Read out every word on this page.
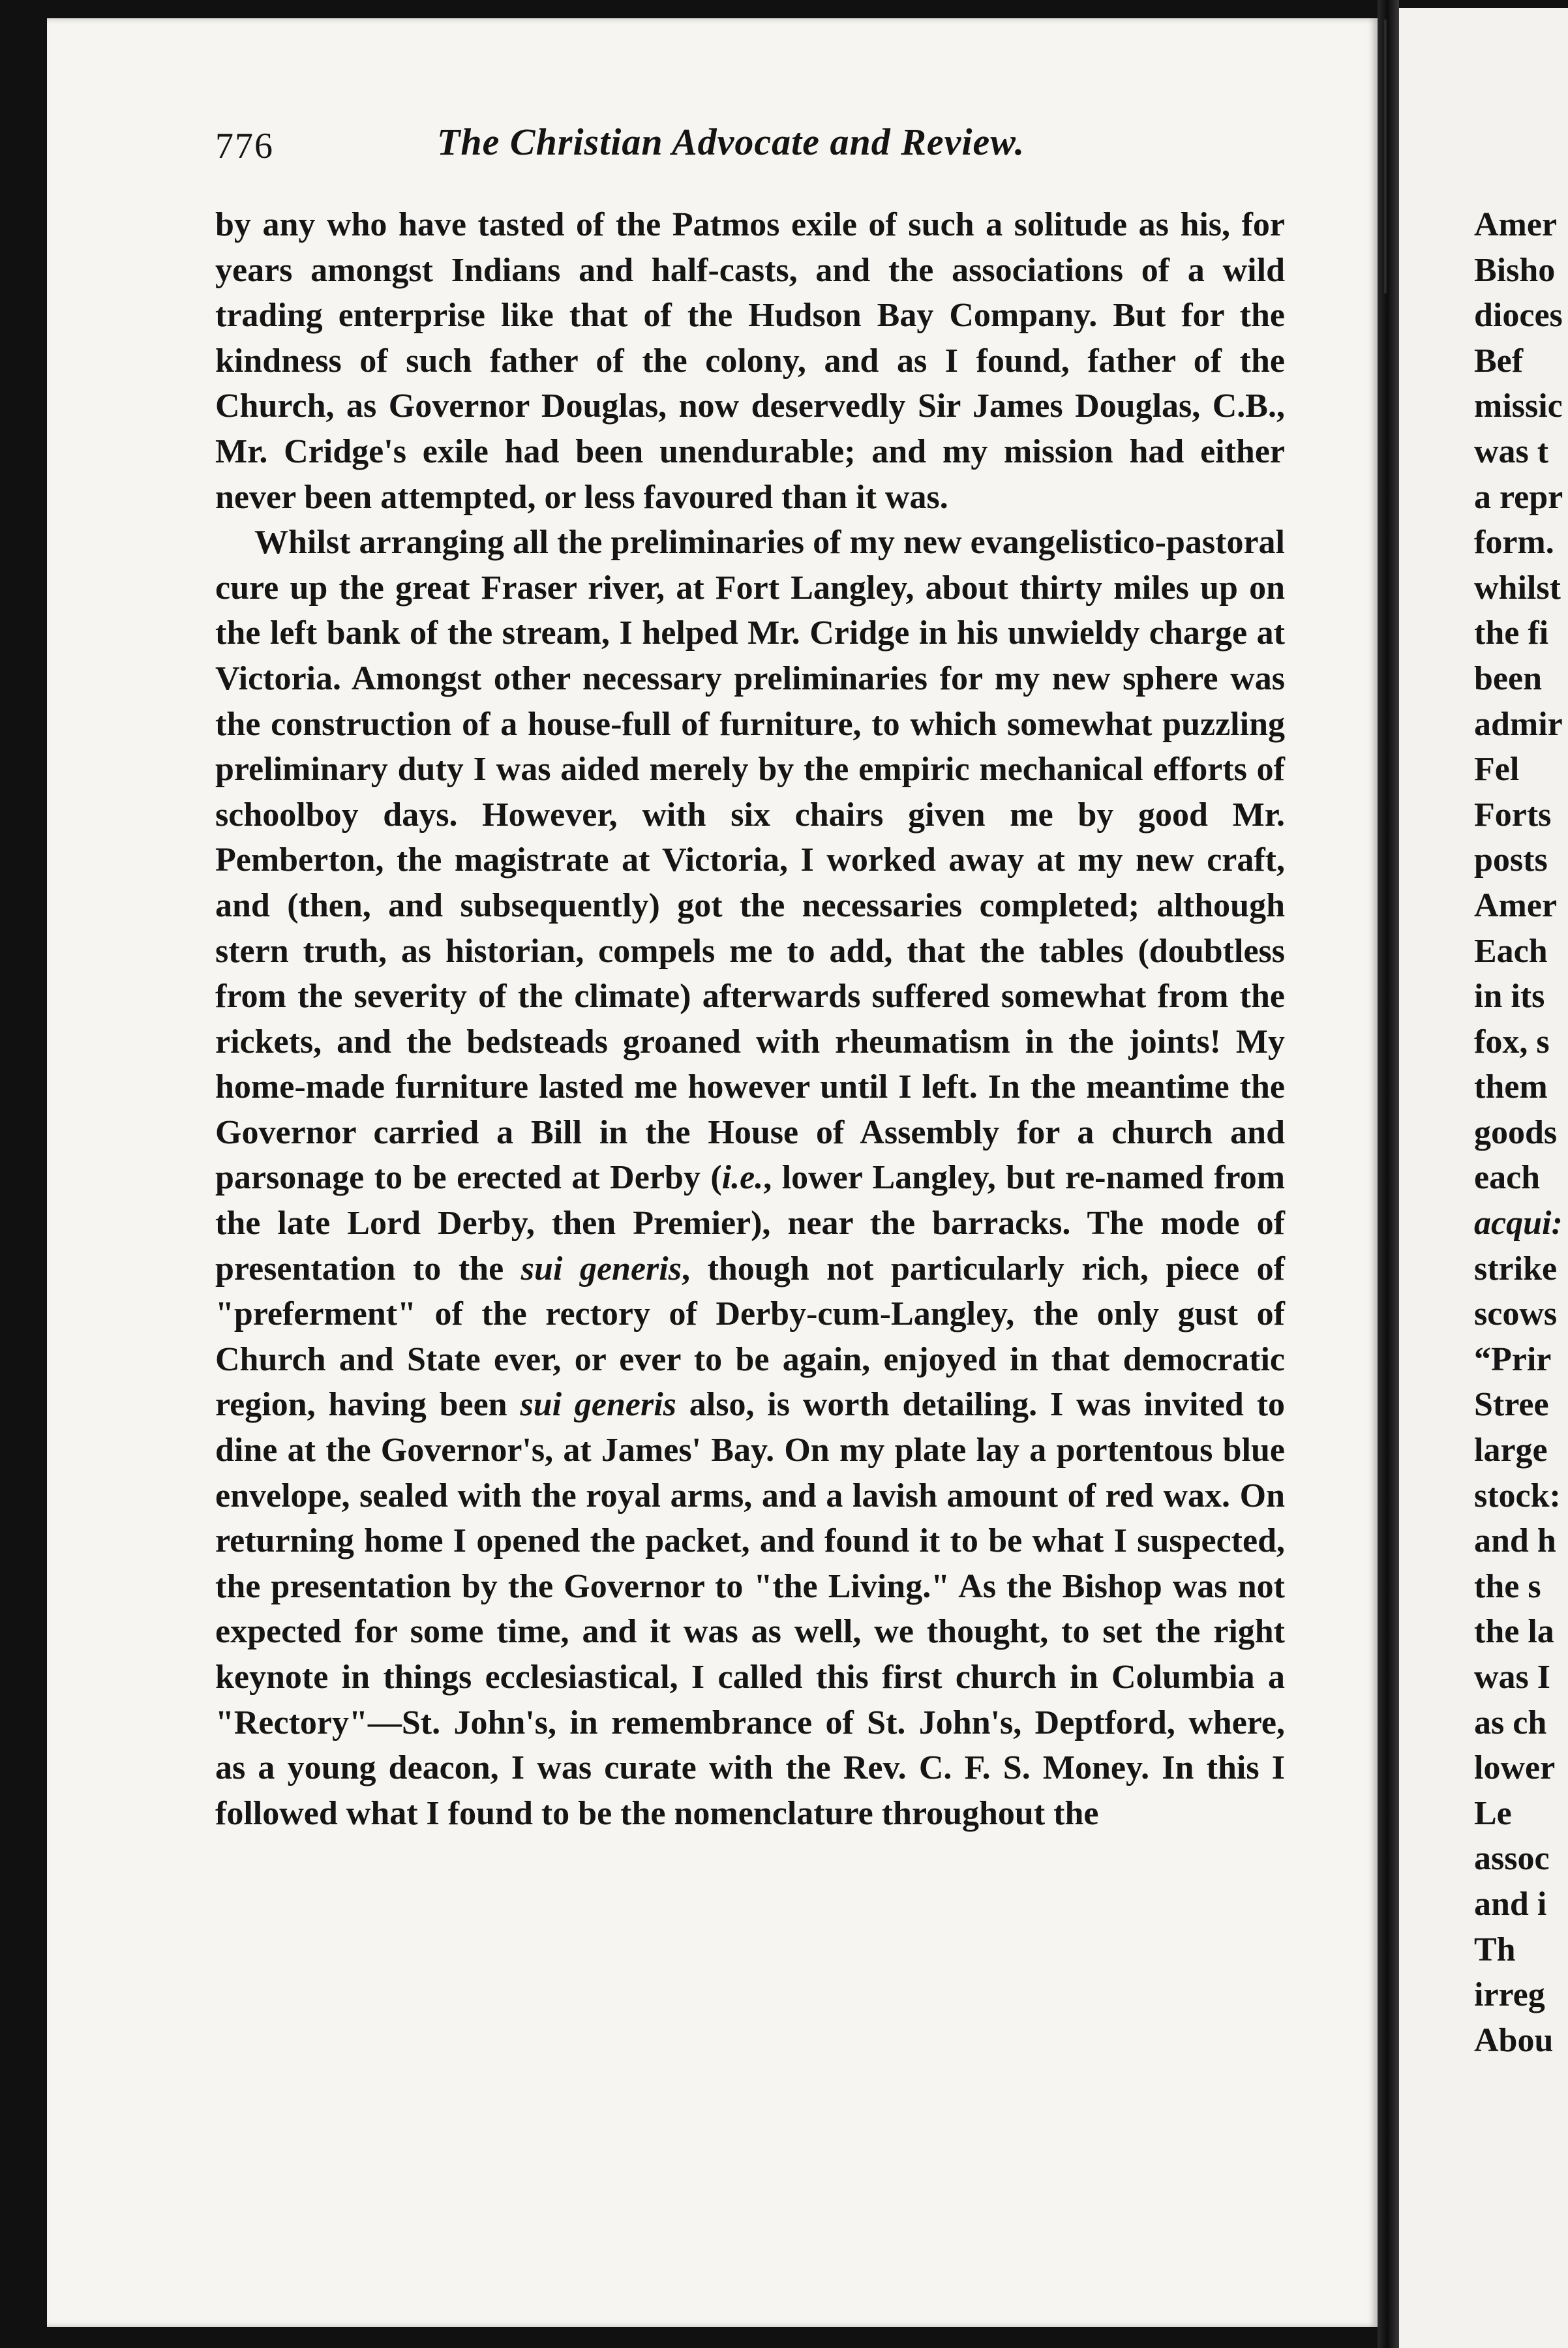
776	The Christian Advocate and Review.

by any who have tasted of the Patmos exile of such a solitude as his, for years amongst Indians and half-casts, and the associations of a wild trading enterprise like that of the Hudson Bay Company. But for the kindness of such father of the colony, and as I found, father of the Church, as Governor Douglas, now deservedly Sir James Douglas, C.B., Mr. Cridge's exile had been unendurable; and my mission had either never been attempted, or less favoured than it was.

Whilst arranging all the preliminaries of my new evangelistico-pastoral cure up the great Fraser river, at Fort Langley, about thirty miles up on the left bank of the stream, I helped Mr. Cridge in his unwieldy charge at Victoria. Amongst other necessary preliminaries for my new sphere was the construction of a house-full of furniture, to which somewhat puzzling preliminary duty I was aided merely by the empiric mechanical efforts of schoolboy days. However, with six chairs given me by good Mr. Pemberton, the magistrate at Victoria, I worked away at my new craft, and (then, and subsequently) got the necessaries completed; although stern truth, as historian, compels me to add, that the tables (doubtless from the severity of the climate) afterwards suffered somewhat from the rickets, and the bedsteads groaned with rheumatism in the joints! My home-made furniture lasted me however until I left. In the meantime the Governor carried a Bill in the House of Assembly for a church and parsonage to be erected at Derby (i.e., lower Langley, but re-named from the late Lord Derby, then Premier), near the barracks. The mode of presentation to the sui generis, though not particularly rich, piece of "preferment" of the rectory of Derby-cum-Langley, the only gust of Church and State ever, or ever to be again, enjoyed in that democratic region, having been sui generis also, is worth detailing. I was invited to dine at the Governor's, at James' Bay. On my plate lay a portentous blue envelope, sealed with the royal arms, and a lavish amount of red wax. On returning home I opened the packet, and found it to be what I suspected, the presentation by the Governor to "the Living." As the Bishop was not expected for some time, and it was as well, we thought, to set the right keynote in things ecclesiastical, I called this first church in Columbia a "Rectory"—St. John's, in remembrance of St. John's, Deptford, where, as a young deacon, I was curate with the Rev. C. F. S. Money. In this I followed what I found to be the nomenclature throughout the

Amer
Bisho
dioces
Bef
missic
was t
a repr
form.
whilst
the fi
been
admir
Fel
Forts
posts
Amer
Each
in its
fox, s
them
goods
each
acqui:
strike
scows
“Prir
Stree
large
stock:
and h
the s
the la
was I
as ch
lower
Le
assoc
and i
Th
irreg
Abou
